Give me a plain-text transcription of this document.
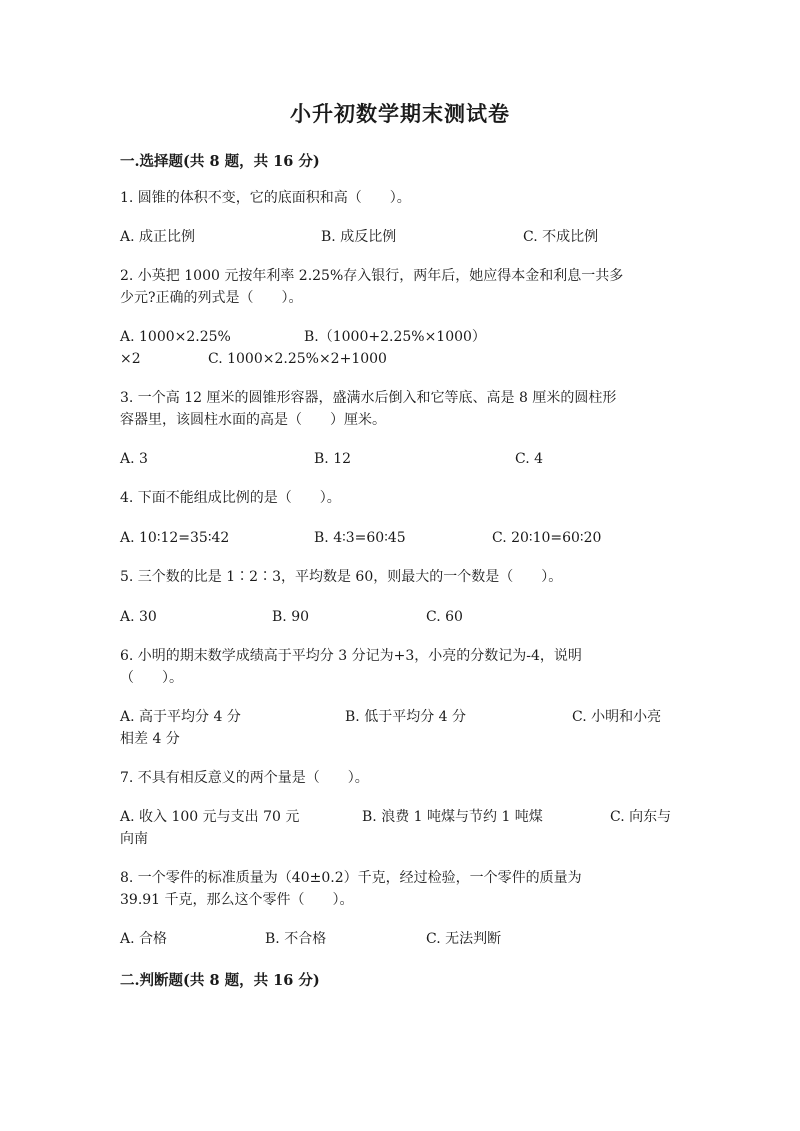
小升初数学期末测试卷
一.选择题(共 8 题，共 16 分)
1. 圆锥的体积不变，它的底面积和高（　　）。
A. 成正比例	B. 成反比例	C. 不成比例
2. 小英把 1000 元按年利率 2.25%存入银行，两年后，她应得本金和利息一共多
少元?正确的列式是（　　）。
A. 1000×2.25%	B.（1000+2.25%×1000）
×2	C. 1000×2.25%×2+1000
3. 一个高 12 厘米的圆锥形容器，盛满水后倒入和它等底、高是 8 厘米的圆柱形
容器里，该圆柱水面的高是（　　）厘米。
A. 3	B. 12	C. 4
4. 下面不能组成比例的是（　　）。
A. 10∶12=35∶42	B. 4∶3=60∶45	C. 20∶10=60∶20
5. 三个数的比是 1∶2∶3，平均数是 60，则最大的一个数是（　　）。
A. 30	B. 90	C. 60
6. 小明的期末数学成绩高于平均分 3 分记为+3，小亮的分数记为-4，说明
（　　）。
A. 高于平均分 4 分	B. 低于平均分 4 分	C. 小明和小亮
相差 4 分
7. 不具有相反意义的两个量是（　　）。
A. 收入 100 元与支出 70 元	B. 浪费 1 吨煤与节约 1 吨煤	C. 向东与
向南
8. 一个零件的标准质量为（40±0.2）千克，经过检验，一个零件的质量为
39.91 千克，那么这个零件（　　）。
A. 合格	B. 不合格	C. 无法判断
二.判断题(共 8 题，共 16 分)
